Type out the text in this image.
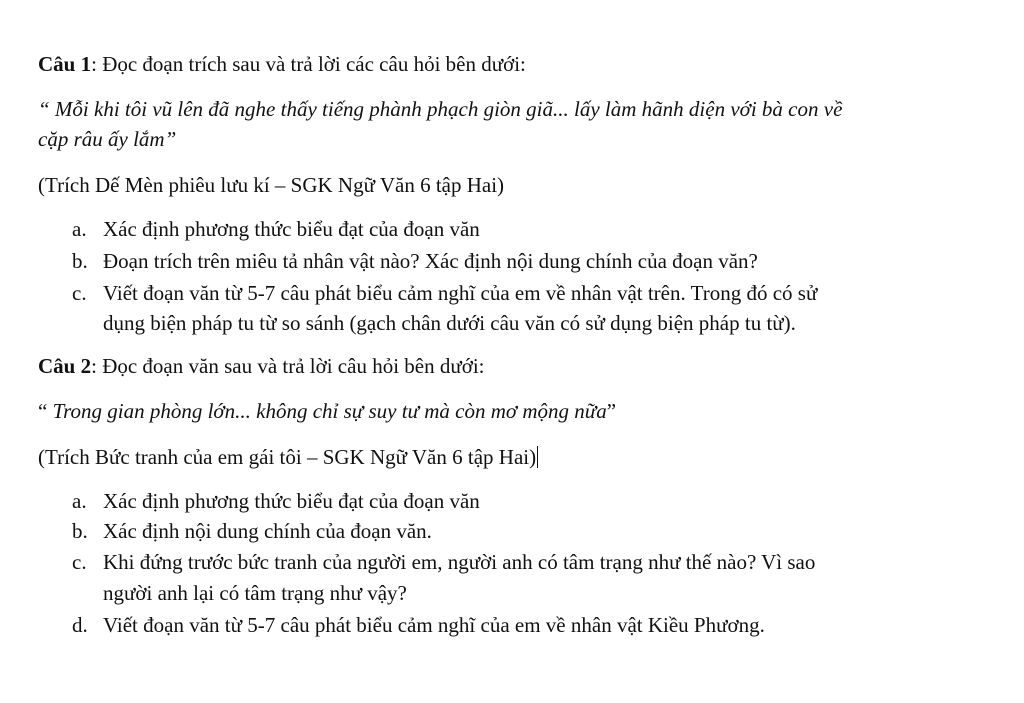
Câu 1: Đọc đoạn trích sau và trả lời các câu hỏi bên dưới:
“ Mỗi khi tôi vũ lên đã nghe thấy tiếng phành phạch giòn giã... lấy làm hãnh diện với bà con về
cặp râu ấy lắm”
(Trích Dế Mèn phiêu lưu kí – SGK Ngữ Văn 6 tập Hai)
a. Xác định phương thức biểu đạt của đoạn văn
b. Đoạn trích trên miêu tả nhân vật nào? Xác định nội dung chính của đoạn văn?
c. Viết đoạn văn từ 5-7 câu phát biểu cảm nghĩ của em về nhân vật trên. Trong đó có sử
dụng biện pháp tu từ so sánh (gạch chân dưới câu văn có sử dụng biện pháp tu từ).
Câu 2: Đọc đoạn văn sau và trả lời câu hỏi bên dưới:
“ Trong gian phòng lớn... không chỉ sự suy tư mà còn mơ mộng nữa”
(Trích Bức tranh của em gái tôi – SGK Ngữ Văn 6 tập Hai)
a. Xác định phương thức biểu đạt của đoạn văn
b. Xác định nội dung chính của đoạn văn.
c. Khi đứng trước bức tranh của người em, người anh có tâm trạng như thế nào? Vì sao
người anh lại có tâm trạng như vậy?
d. Viết đoạn văn từ 5-7 câu phát biểu cảm nghĩ của em về nhân vật Kiều Phương.
